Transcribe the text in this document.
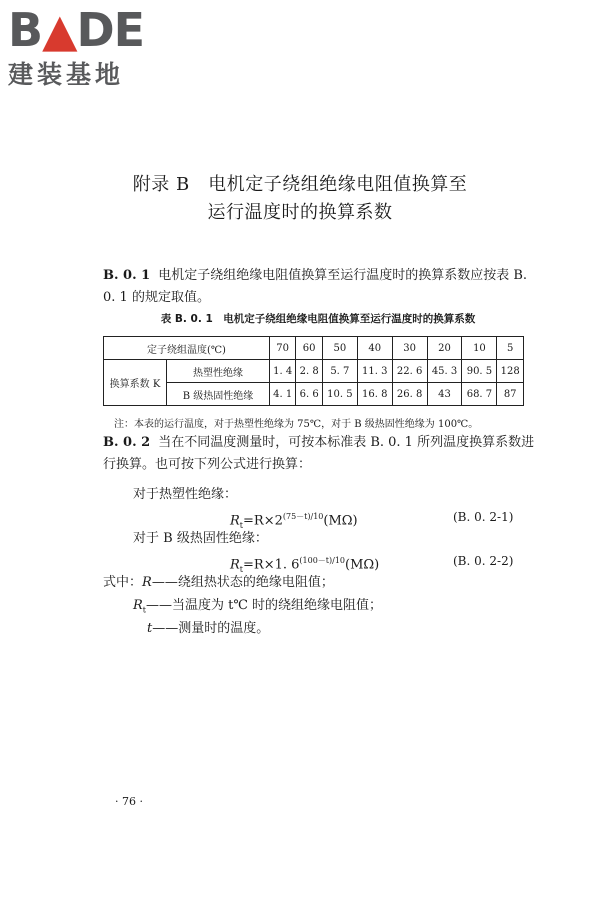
B▲DE
建装基地
附录 B　电机定子绕组绝缘电阻值换算至
运行温度时的换算系数
B. 0. 1 电机定子绕组绝缘电阻值换算至运行温度时的换算系数应按表 B. 0. 1 的规定取值。
表 B. 0. 1　电机定子绕组绝缘电阻值换算至运行温度时的换算系数
定子绕组温度(℃)		70	60	50	40	30	20	10	5
换算系数 K	热塑性绝缘	1. 4	2. 8	5. 7	11. 3	22. 6	45. 3	90. 5	128
	B 级热固性绝缘	4. 1	6. 6	10. 5	16. 8	26. 8	43	68. 7	87
注：本表的运行温度，对于热塑性绝缘为 75℃，对于 B 级热固性绝缘为 100℃。
B. 0. 2 当在不同温度测量时，可按本标准表 B. 0. 1 所列温度换算系数进行换算。也可按下列公式进行换算：
对于热塑性绝缘：
$R_t=R\times 2^{(75-t)/10}(M\Omega)$	(B. 0. 2-1)
对于 B 级热固性绝缘：
$R_t=R\times 1$. $6^{(100-t)/10}(M\Omega)$	(B. 0. 2-2)
式中：R——绕组热状态的绝缘电阻值；
$R_t——$当温度为 t℃ 时的绕组绝缘电阻值；
t——测量时的温度。
· 76 ·
